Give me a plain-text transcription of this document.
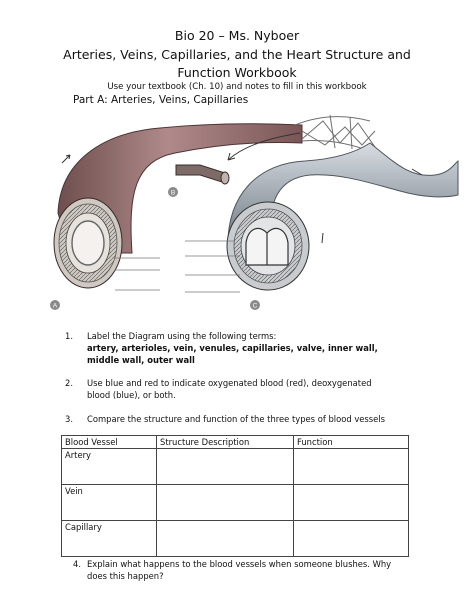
Bio 20 – Ms. Nyboer
Arteries, Veins, Capillaries, and the Heart Structure and
Function Workbook
Use your textbook (Ch. 10) and notes to fill in this workbook
Part A: Arteries, Veins, Capillaries
A
B
C
1. Label the Diagram using the following terms:
artery, arterioles, vein, venules, capillaries, valve, inner wall, middle wall, outer wall
2. Use blue and red to indicate oxygenated blood (red), deoxygenated blood (blue), or both.
3. Compare the structure and function of the three types of blood vessels
Blood Vessel	Structure Description	Function
Artery		
Vein		
Capillary		
4. Explain what happens to the blood vessels when someone blushes. Why does this happen?
